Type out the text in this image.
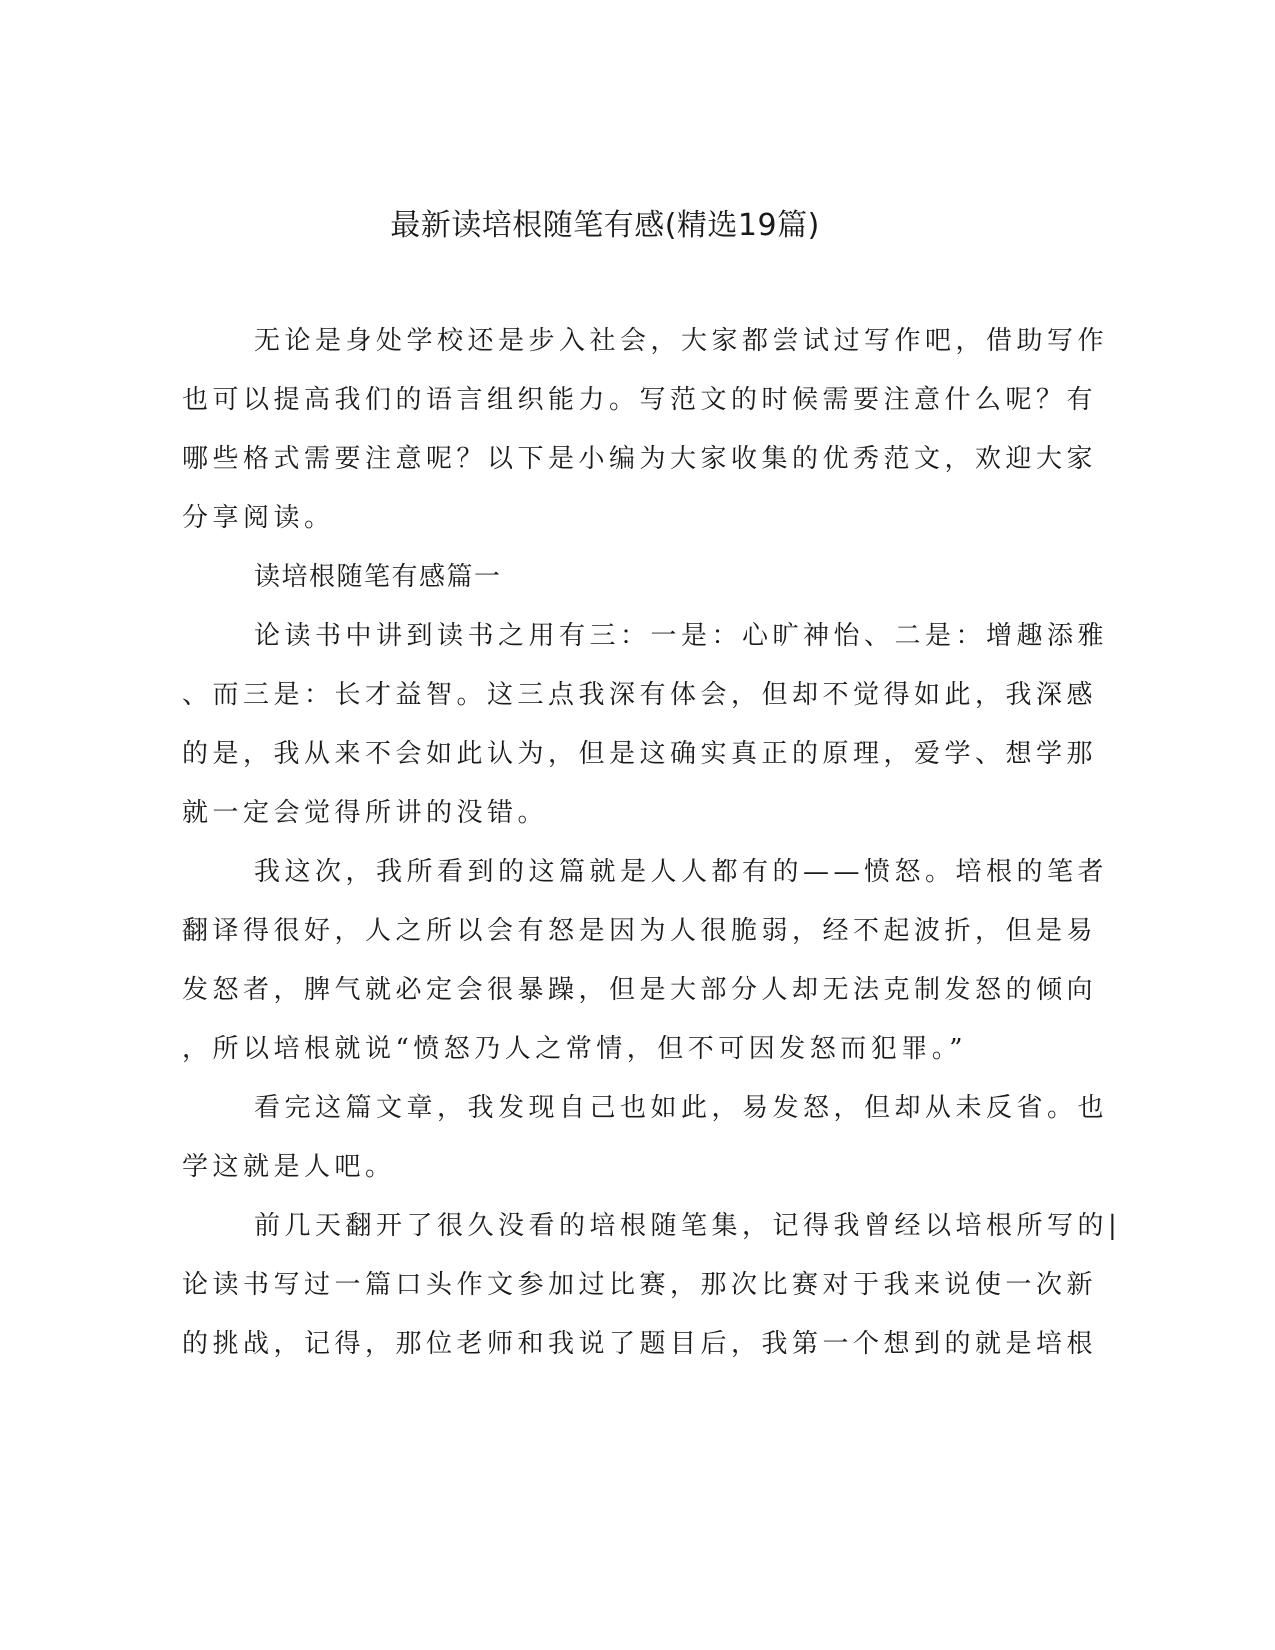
最新读培根随笔有感(精选19篇)
无论是身处学校还是步入社会，大家都尝试过写作吧，借助写作
也可以提高我们的语言组织能力。写范文的时候需要注意什么呢？有
哪些格式需要注意呢？以下是小编为大家收集的优秀范文，欢迎大家
分享阅读。
读培根随笔有感篇一
论读书中讲到读书之用有三：一是：心旷神怡、二是：增趣添雅
、而三是：长才益智。这三点我深有体会，但却不觉得如此，我深感
的是，我从来不会如此认为，但是这确实真正的原理，爱学、想学那
就一定会觉得所讲的没错。
我这次，我所看到的这篇就是人人都有的——愤怒。培根的笔者
翻译得很好，人之所以会有怒是因为人很脆弱，经不起波折，但是易
发怒者，脾气就必定会很暴躁，但是大部分人却无法克制发怒的倾向
，所以培根就说“愤怒乃人之常情，但不可因发怒而犯罪。”
看完这篇文章，我发现自己也如此，易发怒，但却从未反省。也
学这就是人吧。
前几天翻开了很久没看的培根随笔集，记得我曾经以培根所写的|
论读书写过一篇口头作文参加过比赛，那次比赛对于我来说使一次新
的挑战，记得，那位老师和我说了题目后，我第一个想到的就是培根
